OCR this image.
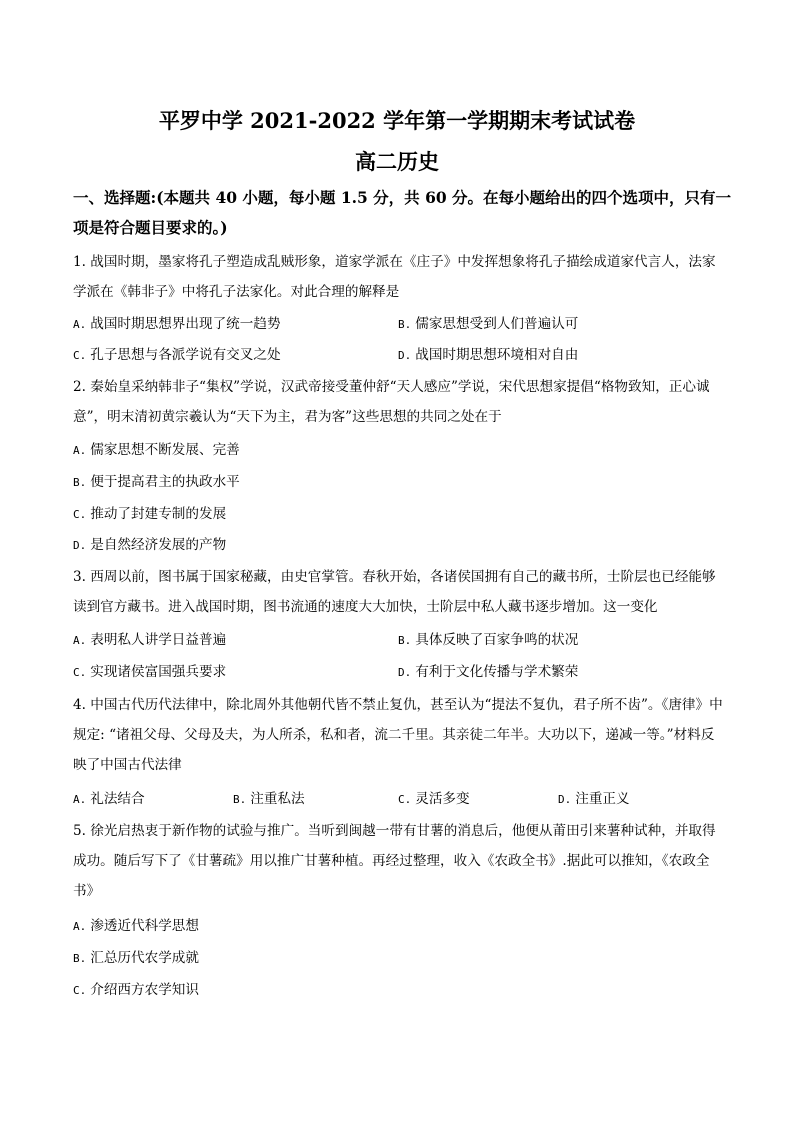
平罗中学 2021-2022 学年第一学期期末考试试卷
高二历史
一、选择题:(本题共 40 小题，每小题 1.5 分，共 60 分。在每小题给出的四个选项中，只有一项是符合题目要求的。)
1. 战国时期，墨家将孔子塑造成乱贼形象，道家学派在《庄子》中发挥想象将孔子描绘成道家代言人，法家学派在《韩非子》中将孔子法家化。对此合理的解释是
A. 战国时期思想界出现了统一趋势	B. 儒家思想受到人们普遍认可
C. 孔子思想与各派学说有交叉之处	D. 战国时期思想环境相对自由
2. 秦始皇采纳韩非子“集权”学说，汉武帝接受董仲舒“天人感应”学说，宋代思想家提倡“格物致知，正心诚意”，明末清初黄宗羲认为“天下为主，君为客”这些思想的共同之处在于
A. 儒家思想不断发展、完善
B. 便于提高君主的执政水平
C. 推动了封建专制的发展
D. 是自然经济发展的产物
3. 西周以前，图书属于国家秘藏，由史官掌管。春秋开始，各诸侯国拥有自己的藏书所，士阶层也已经能够读到官方藏书。进入战国时期，图书流通的速度大大加快，士阶层中私人藏书逐步增加。这一变化
A. 表明私人讲学日益普遍	B. 具体反映了百家争鸣的状况
C. 实现诸侯富国强兵要求	D. 有利于文化传播与学术繁荣
4. 中国古代历代法律中，除北周外其他朝代皆不禁止复仇，甚至认为“提法不复仇，君子所不齿”。《唐律》中规定: “诸祖父母、父母及夫，为人所杀，私和者，流二千里。其亲徒二年半。大功以下，递减一等。”材料反映了中国古代法律
A. 礼法结合	B. 注重私法	C. 灵活多变	D. 注重正义
5. 徐光启热衷于新作物的试验与推广。当听到闽越一带有甘薯的消息后，他便从莆田引来薯种试种，并取得成功。随后写下了《甘薯疏》用以推广甘薯种植。再经过整理，收入《农政全书》.据此可以推知，《农政全书》
A. 渗透近代科学思想
B. 汇总历代农学成就
C. 介绍西方农学知识
